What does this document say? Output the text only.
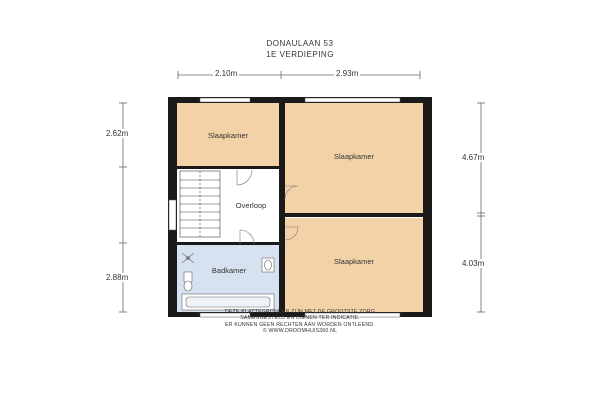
DONAULAAN 53
1E VERDIEPING
2.10m	2.93m
2.62m
2.88m
4.67m
4.03m
Slaapkamer
Slaapkamer
Slaapkamer
Overloop
Badkamer
DEZE PLATTEGRONDEN ZIJN MET DE GROOTSTE ZORG
SAMENGESTELD EN DIENEN TER INDICATIE.
ER KUNNEN GEEN RECHTEN AAN WORDEN ONTLEEND.
© WWW.DROOMHUIS360.NL
